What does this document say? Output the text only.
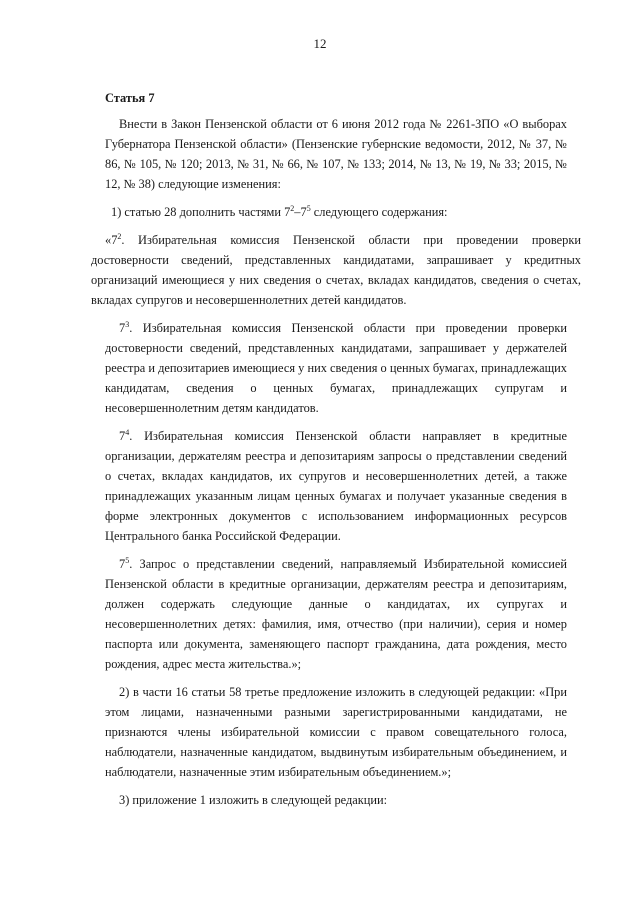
12

Статья 7

Внести в Закон Пензенской области от 6 июня 2012 года № 2261-ЗПО «О выборах Губернатора Пензенской области» (Пензенские губернские ведомости, 2012, № 37, № 86, № 105, № 120; 2013, № 31, № 66, № 107, № 133; 2014, № 13, № 19, № 33; 2015, № 12, № 38) следующие изменения:

1) статью 28 дополнить частями $7^2-7^5$ следующего содержания:

«$7^2$. Избирательная комиссия Пензенской области при проведении проверки достоверности сведений, представленных кандидатами, запрашивает у кредитных организаций имеющиеся у них сведения о счетах, вкладах кандидатов, сведения о счетах, вкладах супругов и несовершеннолетних детей кандидатов.

$7^3$. Избирательная комиссия Пензенской области при проведении проверки достоверности сведений, представленных кандидатами, запрашивает у держателей реестра и депозитариев имеющиеся у них сведения о ценных бумагах, принадлежащих кандидатам, сведения о ценных бумагах, принадлежащих супругам и несовершеннолетним детям кандидатов.

$7^4$. Избирательная комиссия Пензенской области направляет в кредитные организации, держателям реестра и депозитариям запросы о представлении сведений о счетах, вкладах кандидатов, их супругов и несовершеннолетних детей, а также принадлежащих указанным лицам ценных бумагах и получает указанные сведения в форме электронных документов с использованием информационных ресурсов Центрального банка Российской Федерации.

$7^5$. Запрос о представлении сведений, направляемый Избирательной комиссией Пензенской области в кредитные организации, держателям реестра и депозитариям, должен содержать следующие данные о кандидатах, их супругах и несовершеннолетних детях: фамилия, имя, отчество (при наличии), серия и номер паспорта или документа, заменяющего паспорт гражданина, дата рождения, место рождения, адрес места жительства.»;

2) в части 16 статьи 58 третье предложение изложить в следующей редакции: «При этом лицами, назначенными разными зарегистрированными кандидатами, не признаются члены избирательной комиссии с правом совещательного голоса, наблюдатели, назначенные кандидатом, выдвинутым избирательным объединением, и наблюдатели, назначенные этим избирательным объединением.»;

3) приложение 1 изложить в следующей редакции:
